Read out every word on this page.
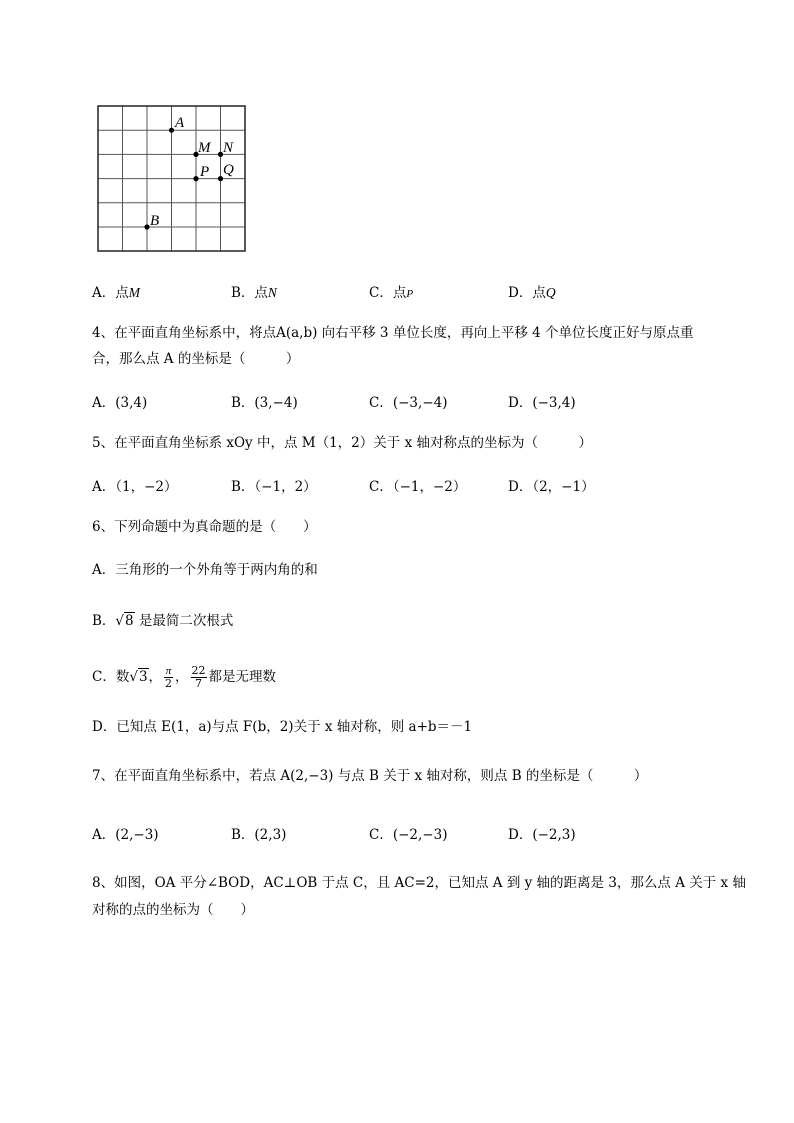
A
M N
P Q
B
A．点M	B．点N	C．点P	D．点Q
4、在平面直角坐标系中，将点A(a,b) 向右平移 3 单位长度，再向上平移 4 个单位长度正好与原点重
合，那么点 A 的坐标是（　　　）
A．(3,4)	B．(3,−4)	C．(−3,−4)	D．(−3,4)
5、在平面直角坐标系 xOy 中，点 M（1，2）关于 x 轴对称点的坐标为（　　　）
A．（1，−2）	B．（−1，2）	C．（−1，−2）	D．（2，−1）
6、下列命题中为真命题的是（　　）
A．三角形的一个外角等于两内角的和
B．√8 是最简二次根式
C．数 √3 ， $\frac{\pi}{2}$ ， $\frac{22}{7}$ 都是无理数
D．已知点 E(1，a)与点 F(b，2)关于 x 轴对称，则 a+b＝－1
7、在平面直角坐标系中，若点 A(2,−3) 与点 B 关于 x 轴对称，则点 B 的坐标是（　　　）
A．(2,−3)	B．(2,3)	C．(−2,−3)	D．(−2,3)
8、如图，OA 平分∠BOD，AC⊥OB 于点 C，且 AC=2，已知点 A 到 y 轴的距离是 3，那么点 A 关于 x 轴
对称的点的坐标为（　　）
